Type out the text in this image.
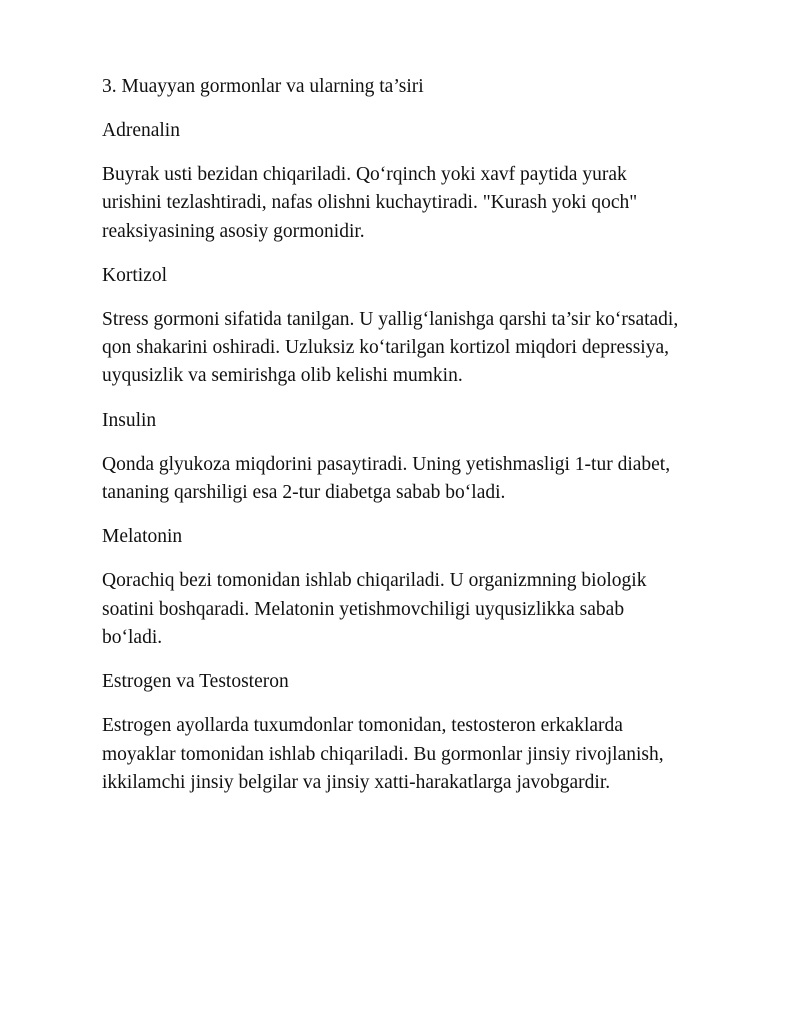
3. Muayyan gormonlar va ularning ta’siri
Adrenalin
Buyrak usti bezidan chiqariladi. Qo‘rqinch yoki xavf paytida yurak
urishini tezlashtiradi, nafas olishni kuchaytiradi. "Kurash yoki qoch"
reaksiyasining asosiy gormonidir.
Kortizol
Stress gormoni sifatida tanilgan. U yallig‘lanishga qarshi ta’sir ko‘rsatadi,
qon shakarini oshiradi. Uzluksiz ko‘tarilgan kortizol miqdori depressiya,
uyqusizlik va semirishga olib kelishi mumkin.
Insulin
Qonda glyukoza miqdorini pasaytiradi. Uning yetishmasligi 1-tur diabet,
tananing qarshiligi esa 2-tur diabetga sabab bo‘ladi.
Melatonin
Qorachiq bezi tomonidan ishlab chiqariladi. U organizmning biologik
soatini boshqaradi. Melatonin yetishmovchiligi uyqusizlikka sabab
bo‘ladi.
Estrogen va Testosteron
Estrogen ayollarda tuxumdonlar tomonidan, testosteron erkaklarda
moyaklar tomonidan ishlab chiqariladi. Bu gormonlar jinsiy rivojlanish,
ikkilamchi jinsiy belgilar va jinsiy xatti-harakatlarga javobgardir.
